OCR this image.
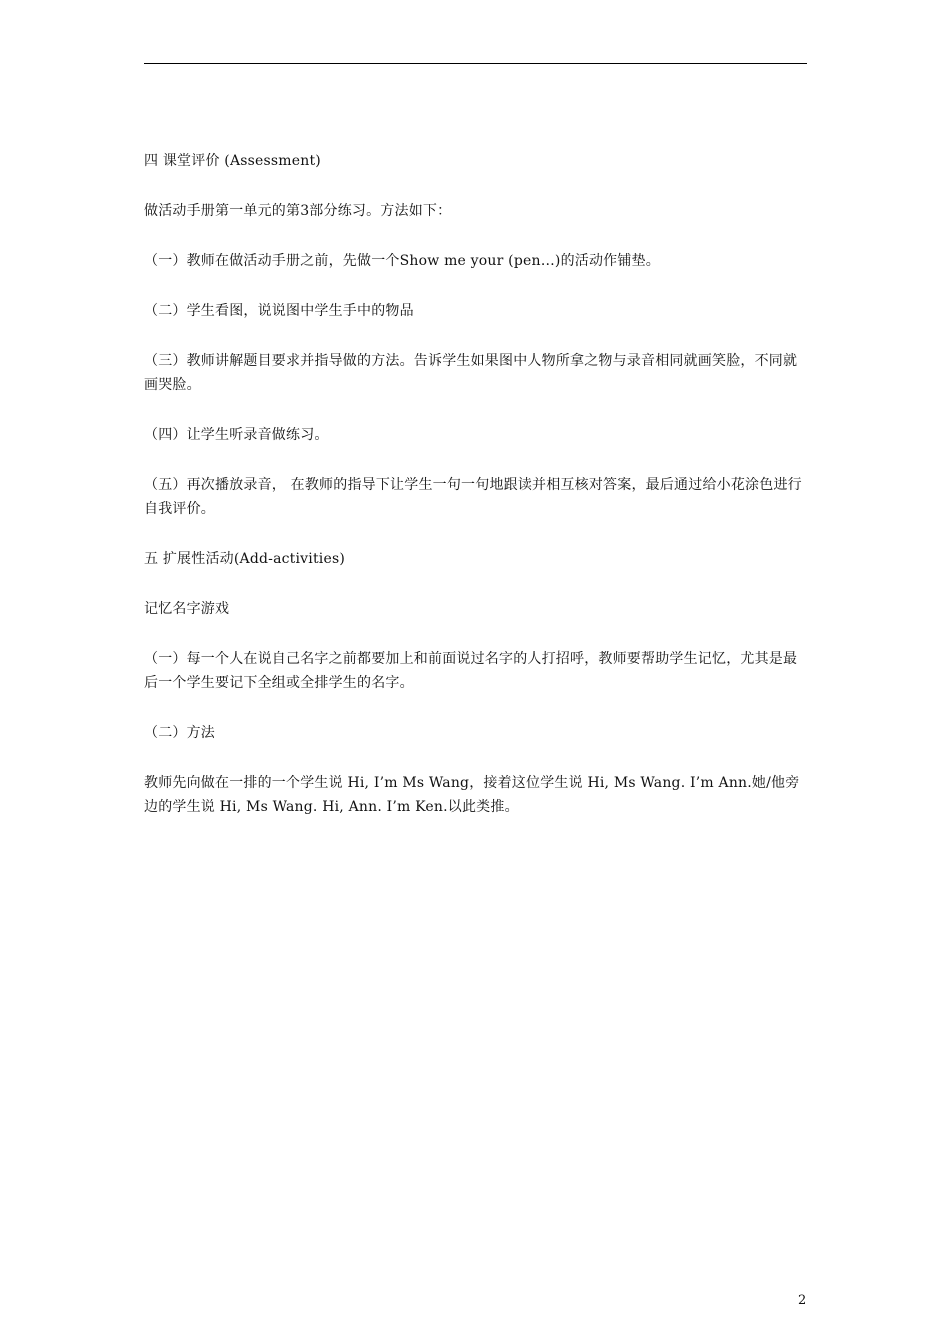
四 课堂评价 (Assessment)

做活动手册第一单元的第3部分练习。方法如下：

（一）教师在做活动手册之前，先做一个Show me your (pen…)的活动作铺垫。

（二）学生看图，说说图中学生手中的物品

（三）教师讲解题目要求并指导做的方法。告诉学生如果图中人物所拿之物与录音相同就画笑脸，不同就画哭脸。

（四）让学生听录音做练习。

（五）再次播放录音， 在教师的指导下让学生一句一句地跟读并相互核对答案，最后通过给小花涂色进行自我评价。

五 扩展性活动(Add-activities)

记忆名字游戏

（一）每一个人在说自己名字之前都要加上和前面说过名字的人打招呼，教师要帮助学生记忆，尤其是最后一个学生要记下全组或全排学生的名字。

（二）方法

教师先向做在一排的一个学生说 Hi, I’m Ms Wang，接着这位学生说 Hi, Ms Wang. I’m Ann.她/他旁边的学生说 Hi, Ms Wang. Hi, Ann. I’m Ken.以此类推。

2
